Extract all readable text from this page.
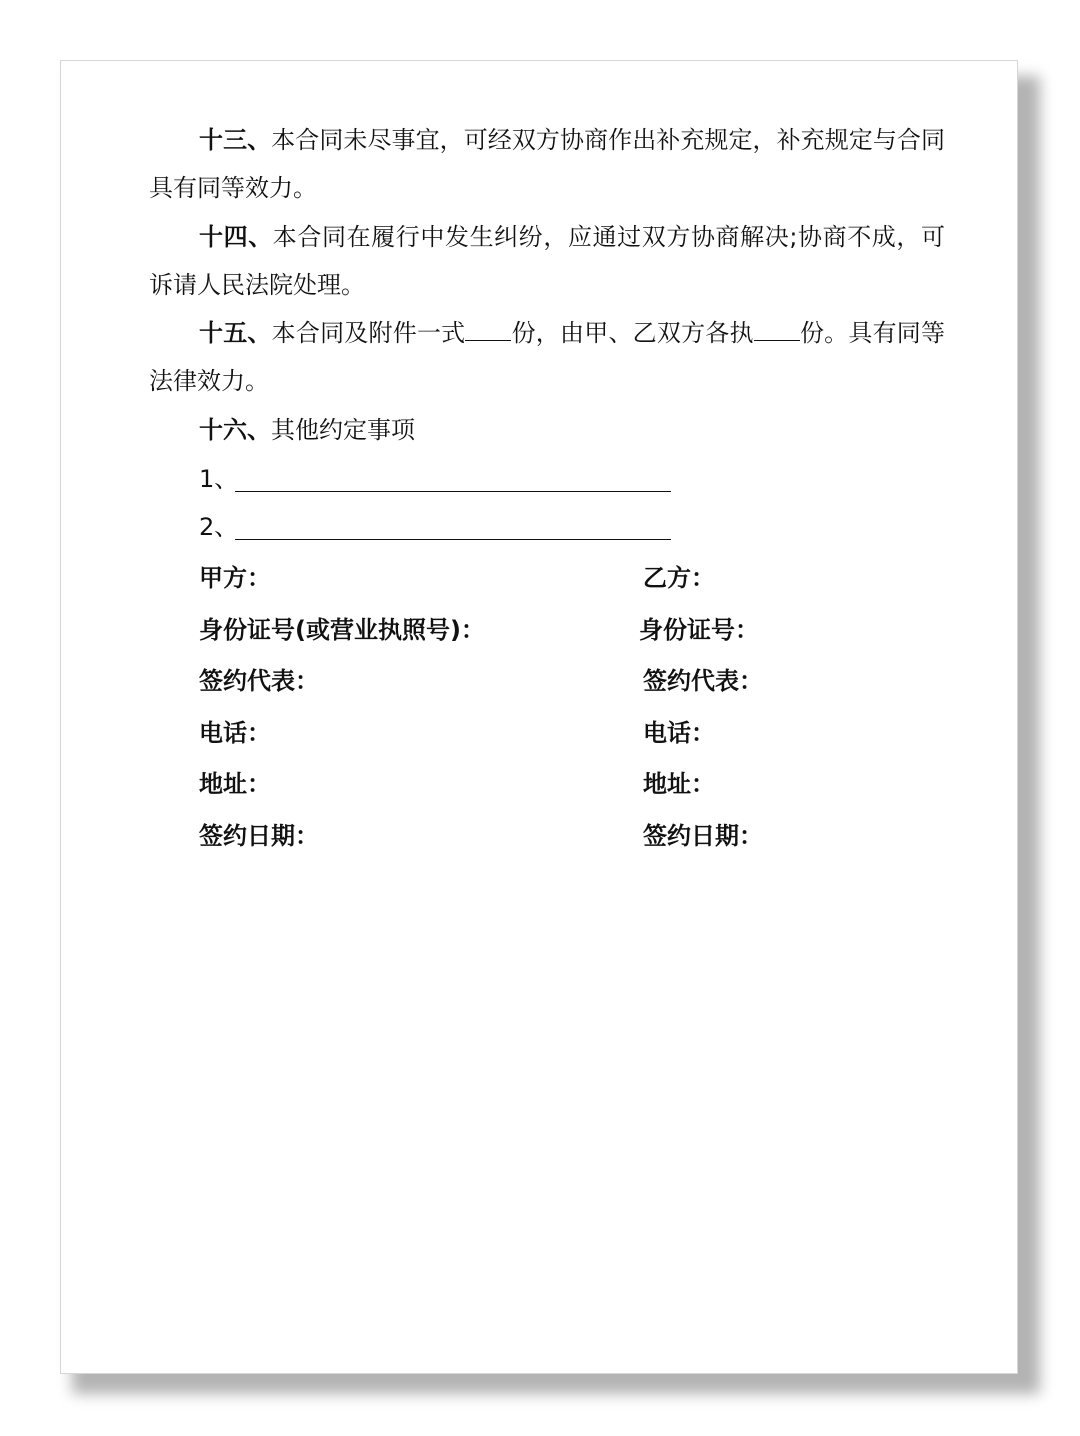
十三、本合同未尽事宜，可经双方协商作出补充规定，补充规定与合同具有同等效力。

十四、本合同在履行中发生纠纷，应通过双方协商解决;协商不成，可诉请人民法院处理。

十五、本合同及附件一式 份，由甲、乙双方各执 份。具有同等法律效力。

十六、其他约定事项

1、
2、
甲方：	乙方：
身份证号(或营业执照号)：	身份证号：
签约代表：	签约代表：
电话：	电话：
地址：	地址：
签约日期：	签约日期：
